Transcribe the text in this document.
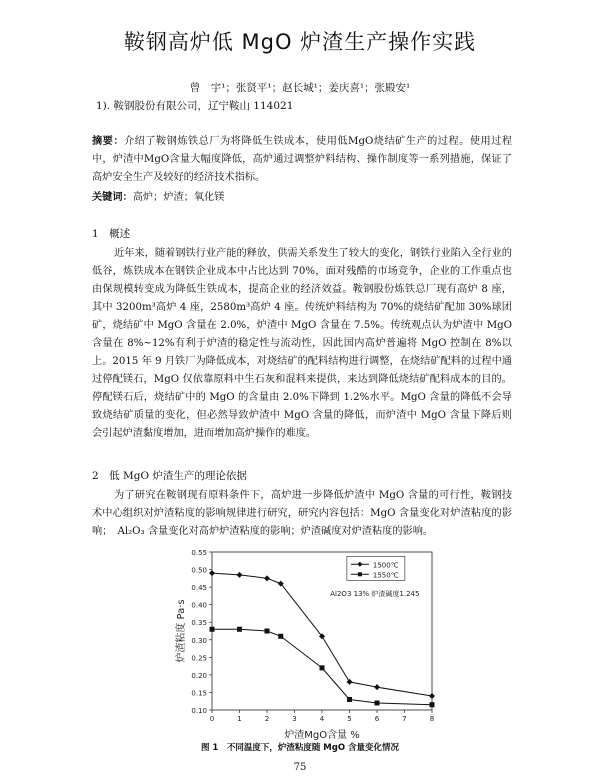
鞍钢高炉低 MgO 炉渣生产操作实践
曾　宇¹；张贤平¹；赵长城¹；姜庆喜¹；张殿安¹
1). 鞍钢股份有限公司，辽宁鞍山 114021
摘要：介绍了鞍钢炼铁总厂为将降低生铁成本，使用低MgO烧结矿生产的过程。使用过程中，炉渣中MgO含量大幅度降低，高炉通过调整炉料结构、操作制度等一系列措施，保证了高炉安全生产及较好的经济技术指标。
关键词：高炉；炉渣；氧化镁
1　概述
近年来，随着钢铁行业产能的释放，供需关系发生了较大的变化，钢铁行业陷入全行业的低谷，炼铁成本在钢铁企业成本中占比达到 70%，面对残酷的市场竞争，企业的工作重点也由保规模转变成为降低生铁成本，提高企业的经济效益。鞍钢股份炼铁总厂现有高炉 8 座，其中 3200m³高炉 4 座，2580m³高炉 4 座。传统炉料结构为 70%的烧结矿配加 30%球团矿，烧结矿中 MgO 含量在 2.0%，炉渣中 MgO 含量在 7.5%。传统观点认为炉渣中 MgO 含量在 8%~12%有利于炉渣的稳定性与流动性，因此国内高炉普遍将 MgO 控制在 8%以上。2015 年 9 月铁厂为降低成本，对烧结矿的配料结构进行调整，在烧结矿配料的过程中通过停配镁石，MgO 仅依靠原料中生石灰和混料来提供，来达到降低烧结矿配料成本的目的。停配镁石后，烧结矿中的 MgO 的含量由 2.0%下降到 1.2%水平。MgO 含量的降低不会导致烧结矿质量的变化，但必然导致炉渣中 MgO 含量的降低，而炉渣中 MgO 含量下降后则会引起炉渣黏度增加，进而增加高炉操作的难度。
2　低 MgO 炉渣生产的理论依据
为了研究在鞍钢现有原料条件下，高炉进一步降低炉渣中 MgO 含量的可行性，鞍钢技术中心组织对炉渣粘度的影响规律进行研究，研究内容包括：MgO 含量变化对炉渣粘度的影响；　Al₂O₃ 含量变化对高炉炉渣粘度的影响；炉渣碱度对炉渣粘度的影响。
0.10
0.15
0.20
0.25
0.30
0.35
0.40
0.45
0.50
0.55
0	1	2	3	4	5	6	7	8
炉渣MgO含量 %
炉渣粘度 Pa·s
Al2O3 13% 炉渣碱度1.245
1500℃
1550℃
图 1　不同温度下，炉渣粘度随 MgO 含量变化情况
75
